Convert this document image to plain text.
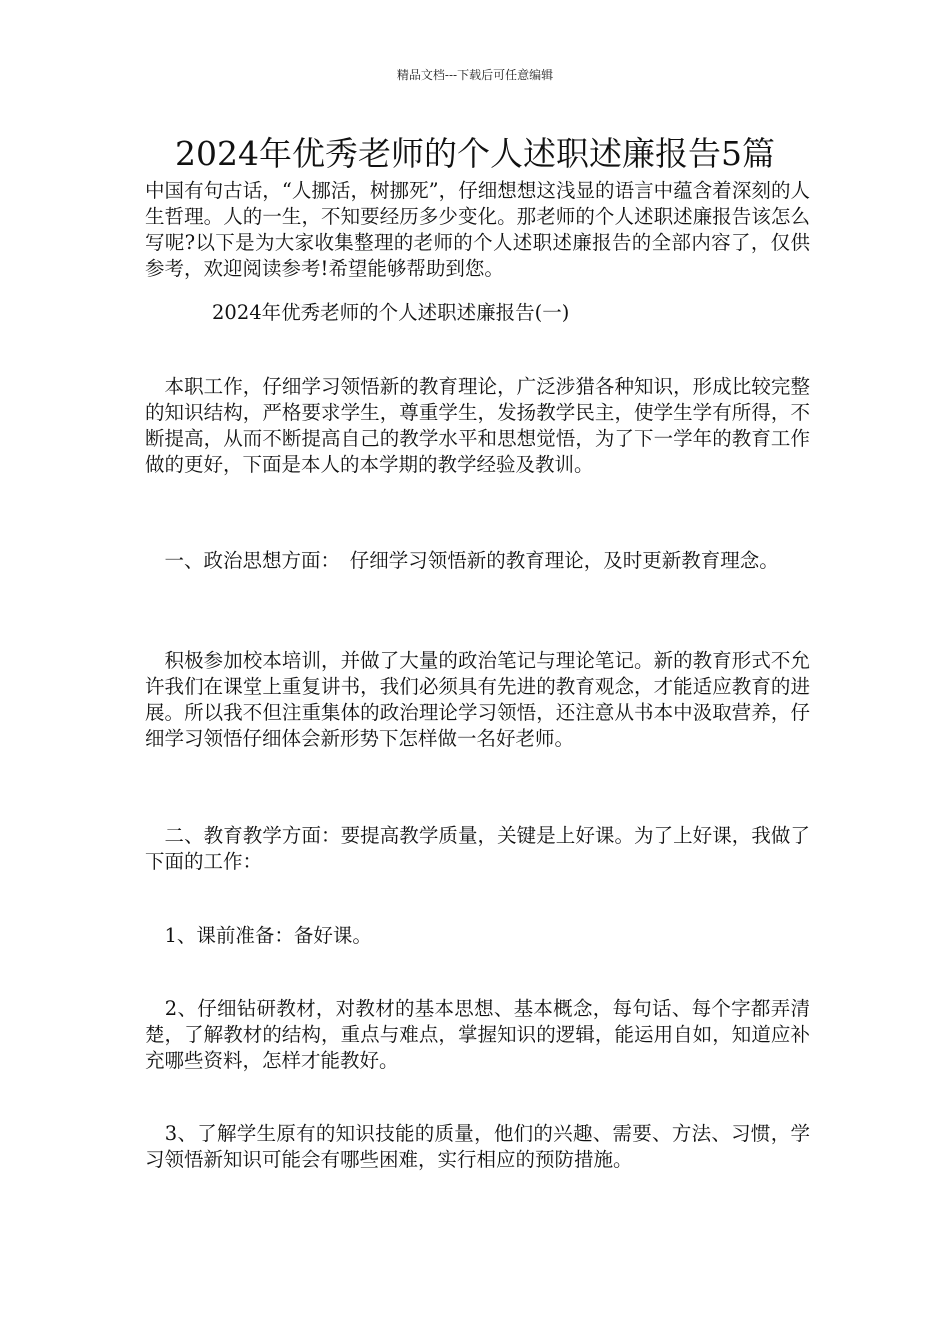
精品文档---下载后可任意编辑
2024年优秀老师的个人述职述廉报告5篇

中国有句古话，“人挪活，树挪死”，仔细想想这浅显的语言中蕴含着深刻的人生哲理。人的一生，不知要经历多少变化。那老师的个人述职述廉报告该怎么写呢?以下是为大家收集整理的老师的个人述职述廉报告的全部内容了，仅供参考，欢迎阅读参考!希望能够帮助到您。

2024年优秀老师的个人述职述廉报告(一)

　本职工作，仔细学习领悟新的教育理论，广泛涉猎各种知识，形成比较完整的知识结构，严格要求学生，尊重学生，发扬教学民主，使学生学有所得，不断提高，从而不断提高自己的教学水平和思想觉悟，为了下一学年的教育工作做的更好，下面是本人的本学期的教学经验及教训。

　一、政治思想方面：　仔细学习领悟新的教育理论，及时更新教育理念。

　积极参加校本培训，并做了大量的政治笔记与理论笔记。新的教育形式不允许我们在课堂上重复讲书，我们必须具有先进的教育观念，才能适应教育的进展。所以我不但注重集体的政治理论学习领悟，还注意从书本中汲取营养，仔细学习领悟仔细体会新形势下怎样做一名好老师。

　二、教育教学方面：要提高教学质量，关键是上好课。为了上好课，我做了下面的工作：

　1、课前准备：备好课。

　2、仔细钻研教材，对教材的基本思想、基本概念，每句话、每个字都弄清楚，了解教材的结构，重点与难点，掌握知识的逻辑，能运用自如，知道应补充哪些资料，怎样才能教好。

　3、了解学生原有的知识技能的质量，他们的兴趣、需要、方法、习惯，学习领悟新知识可能会有哪些困难，实行相应的预防措施。
